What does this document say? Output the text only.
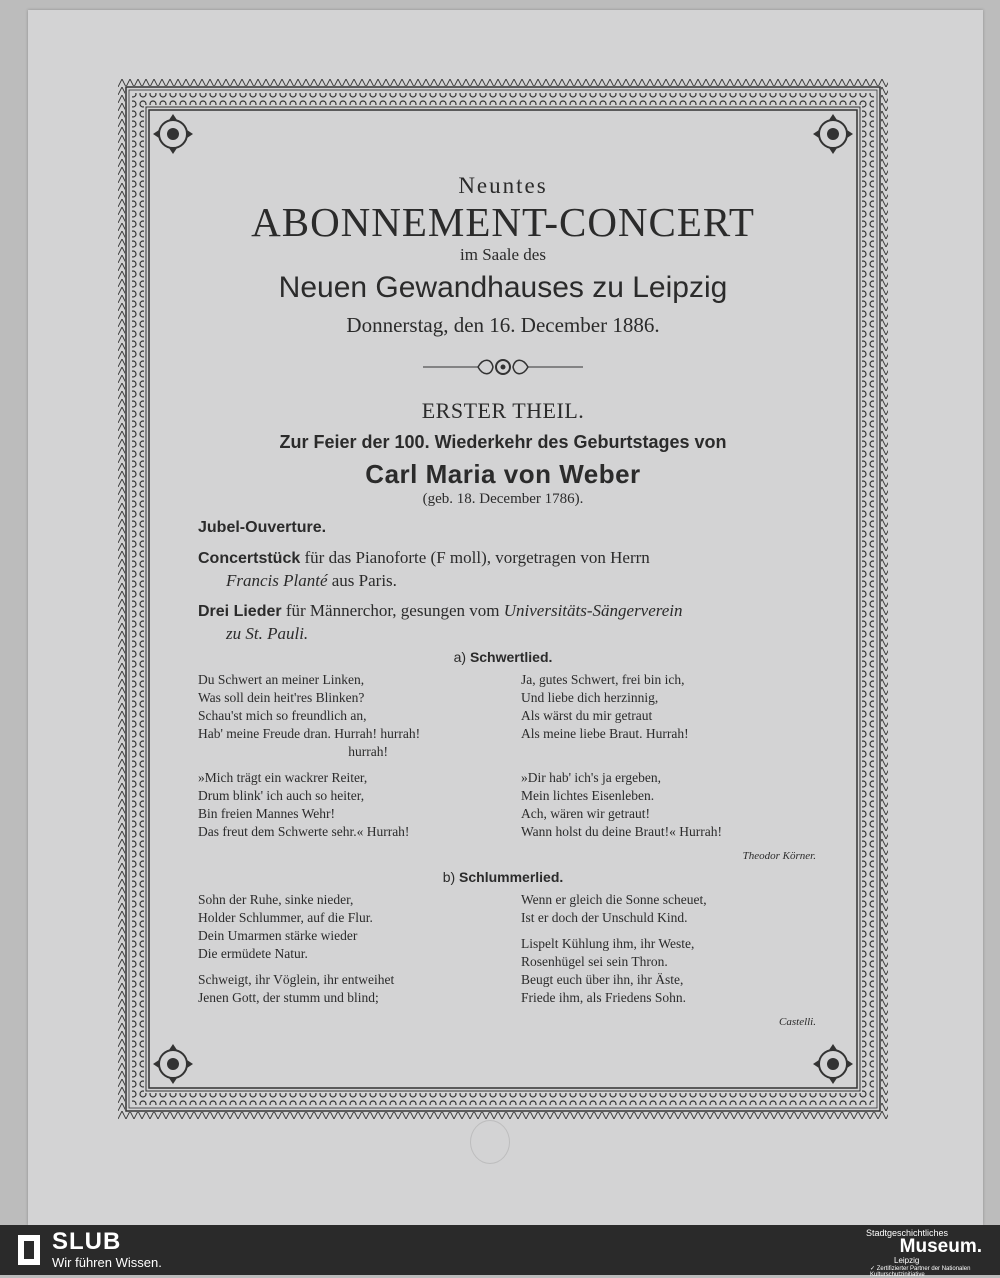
Neuntes
ABONNEMENT-CONCERT
im Saale des
Neuen Gewandhauses zu Leipzig
Donnerstag, den 16. December 1886.
ERSTER THEIL.
Zur Feier der 100. Wiederkehr des Geburtstages von
Carl Maria von Weber
(geb. 18. December 1786).
Jubel-Ouverture.
Concertstück für das Pianoforte (F moll), vorgetragen von Herrn
Francis Planté aus Paris.
Drei Lieder für Männerchor, gesungen vom Universitäts-Sängerverein
zu St. Pauli.
a) Schwertlied.
Du Schwert an meiner Linken,
Was soll dein heit'res Blinken?
Schau'st mich so freundlich an,
Hab' meine Freude dran. Hurrah! hurrah!
hurrah!
»Mich trägt ein wackrer Reiter,
Drum blink' ich auch so heiter,
Bin freien Mannes Wehr!
Das freut dem Schwerte sehr.« Hurrah!
Ja, gutes Schwert, frei bin ich,
Und liebe dich herzinnig,
Als wärst du mir getraut
Als meine liebe Braut. Hurrah!
»Dir hab' ich's ja ergeben,
Mein lichtes Eisenleben.
Ach, wären wir getraut!
Wann holst du deine Braut!« Hurrah!
Theodor Körner.
b) Schlummerlied.
Sohn der Ruhe, sinke nieder,
Holder Schlummer, auf die Flur.
Dein Umarmen stärke wieder
Die ermüdete Natur.
Schweigt, ihr Vöglein, ihr entweihet
Jenen Gott, der stumm und blind;
Wenn er gleich die Sonne scheuet,
Ist er doch der Unschuld Kind.
Lispelt Kühlung ihm, ihr Weste,
Rosenhügel sei sein Thron.
Beugt euch über ihn, ihr Äste,
Friede ihm, als Friedens Sohn.
Castelli.
SLUB
Wir führen Wissen.
Stadtgeschichtliches
Museum.
Leipzig
✓ Zertifizierter Partner der Nationalen Kulturschutzinitiative
